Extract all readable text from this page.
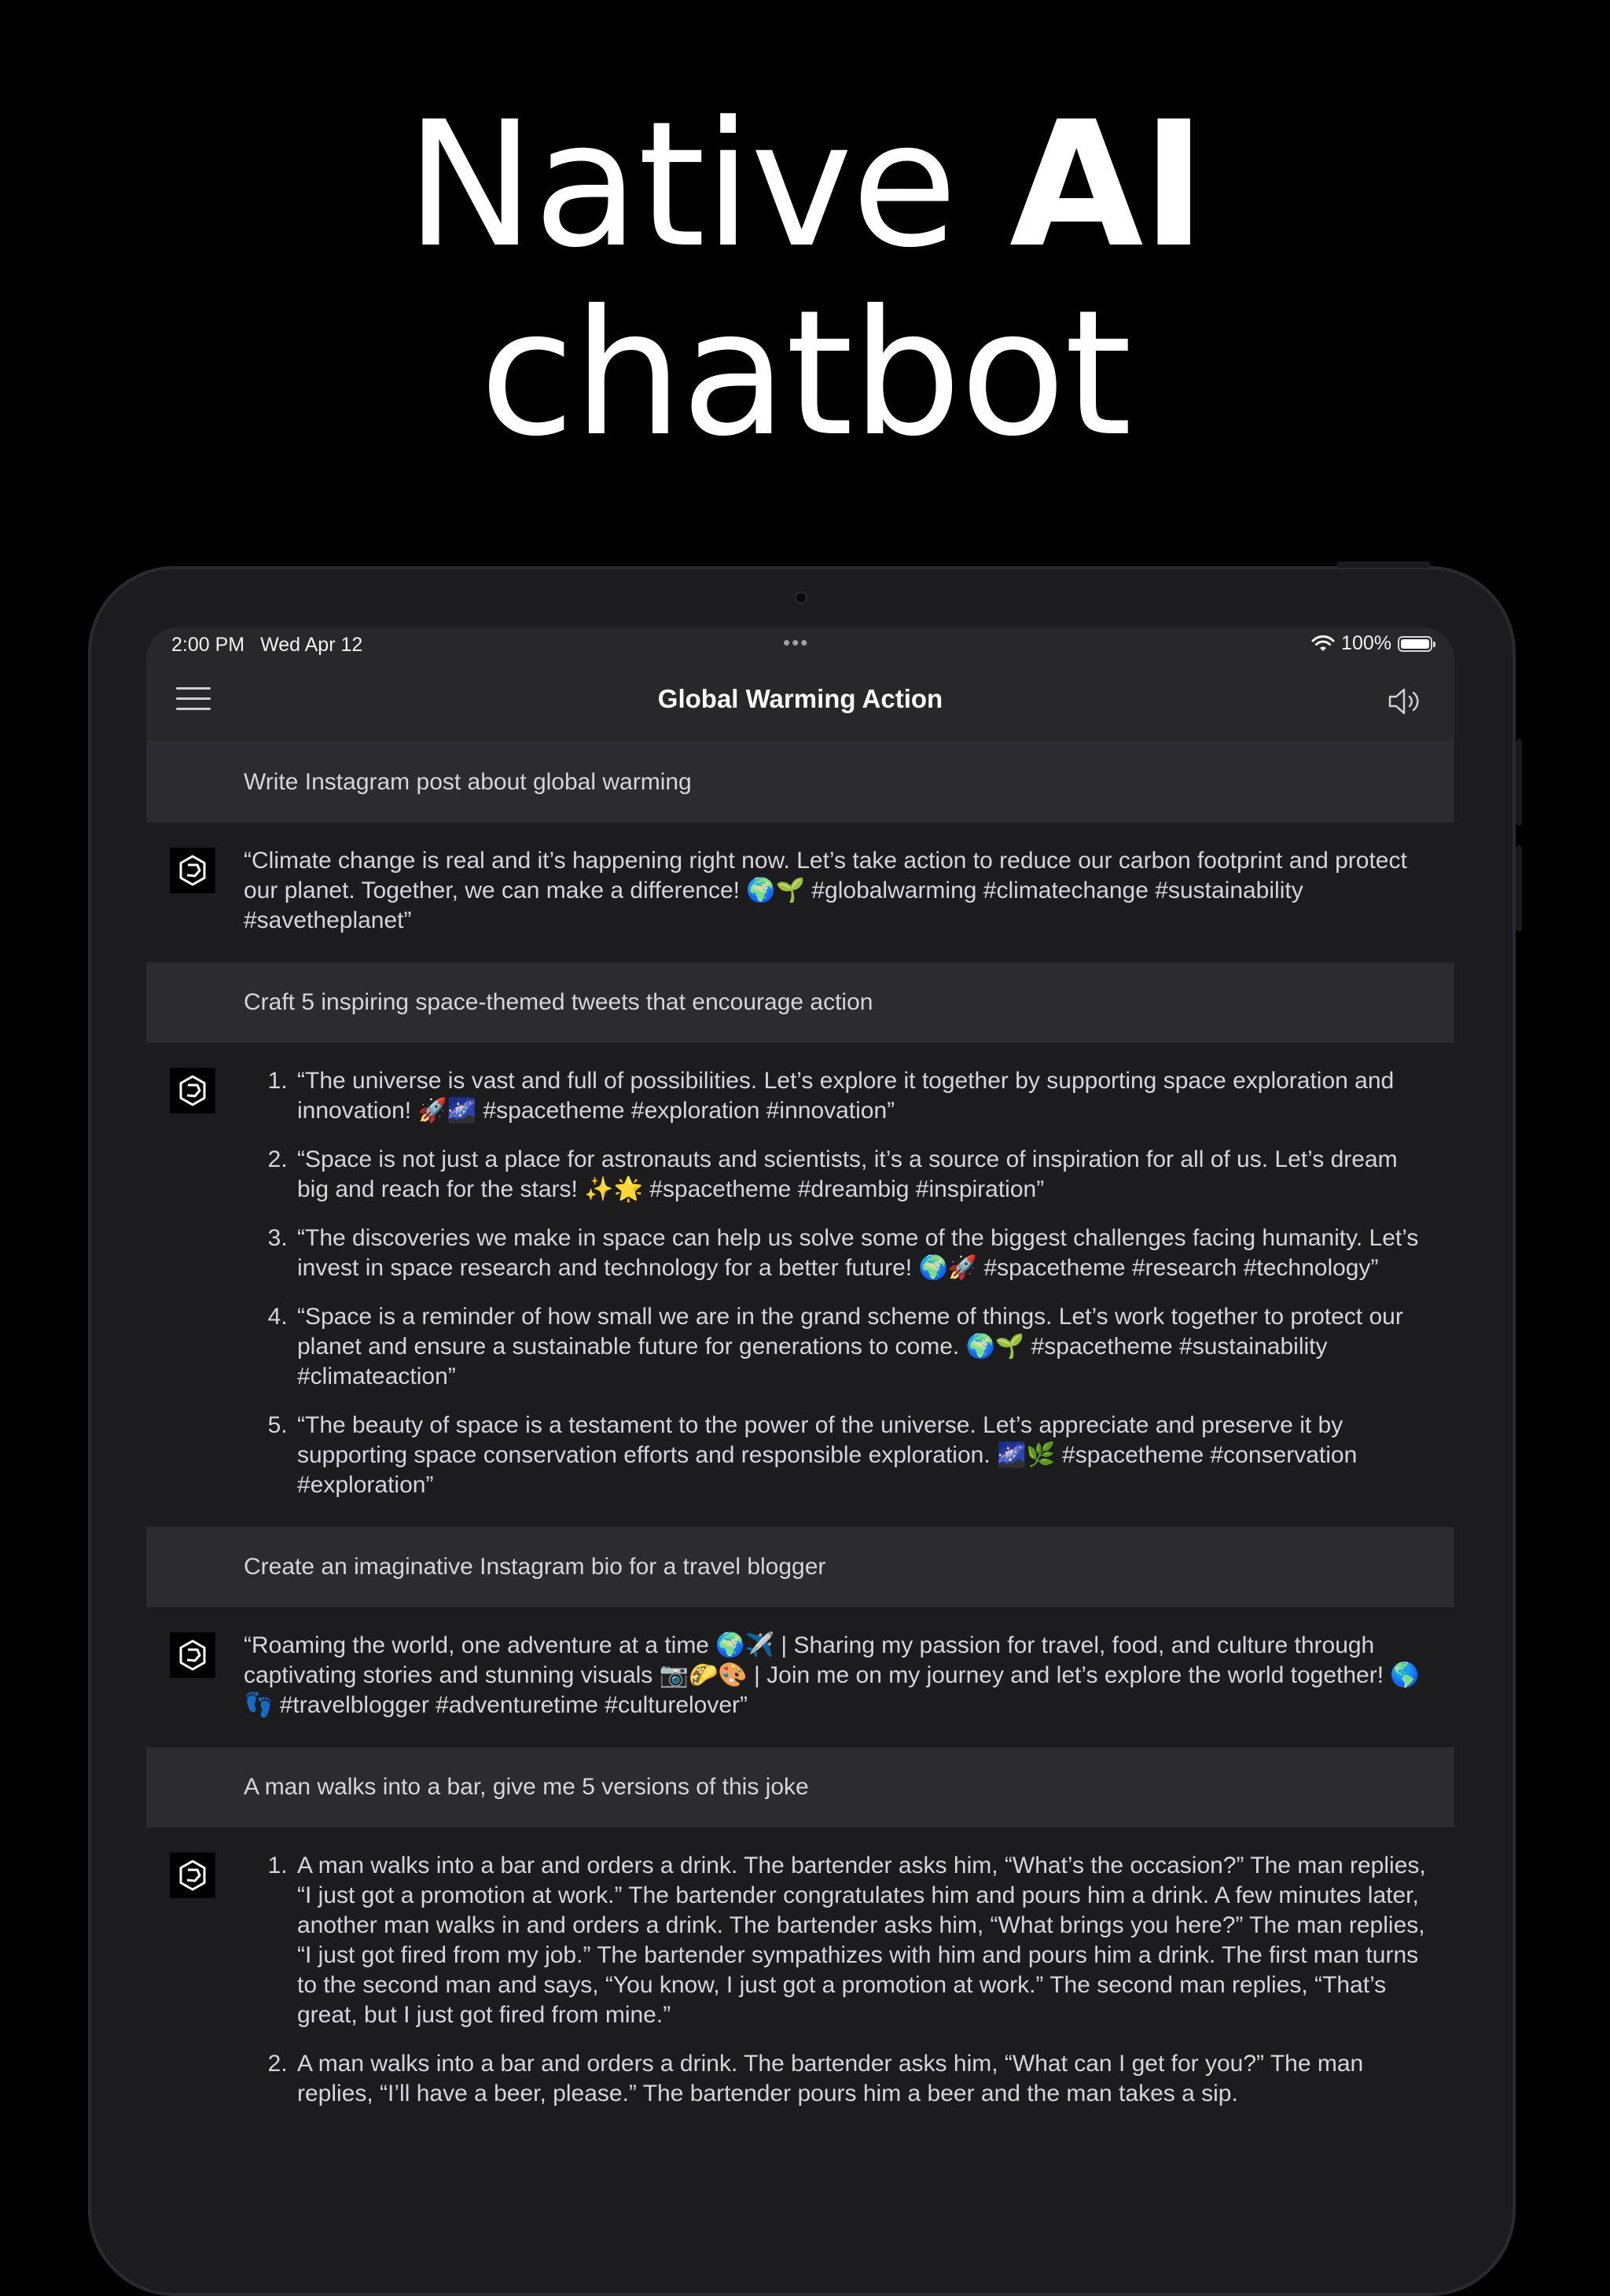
Native AI
chatbot
2:00 PM Wed Apr 12	•••	100%
Global Warming Action
Write Instagram post about global warming

“Climate change is real and it’s happening right now. Let’s take action to reduce our carbon footprint and protect our planet. Together, we can make a difference! 🌍🌱 #globalwarming #climatechange #sustainability #savetheplanet”

Craft 5 inspiring space-themed tweets that encourage action
1. “The universe is vast and full of possibilities. Let’s explore it together by supporting space exploration and innovation! 🚀🌌 #spacetheme #exploration #innovation”
2. “Space is not just a place for astronauts and scientists, it’s a source of inspiration for all of us. Let’s dream big and reach for the stars! ✨🌟 #spacetheme #dreambig #inspiration”
3. “The discoveries we make in space can help us solve some of the biggest challenges facing humanity. Let’s invest in space research and technology for a better future! 🌍🚀 #spacetheme #research #technology”
4. “Space is a reminder of how small we are in the grand scheme of things. Let’s work together to protect our planet and ensure a sustainable future for generations to come. 🌍🌱 #spacetheme #sustainability #climateaction”
5. “The beauty of space is a testament to the power of the universe. Let’s appreciate and preserve it by supporting space conservation efforts and responsible exploration. 🌌🌿 #spacetheme #conservation #exploration”
Create an imaginative Instagram bio for a travel blogger

“Roaming the world, one adventure at a time 🌍✈️ | Sharing my passion for travel, food, and culture through captivating stories and stunning visuals 📷🌮🎨 | Join me on my journey and let’s explore the world together! 🌎👣 #travelblogger #adventuretime #culturelover”

A man walks into a bar, give me 5 versions of this joke
1. A man walks into a bar and orders a drink. The bartender asks him, “What’s the occasion?” The man replies, “I just got a promotion at work.” The bartender congratulates him and pours him a drink. A few minutes later, another man walks in and orders a drink. The bartender asks him, “What brings you here?” The man replies, “I just got fired from my job.” The bartender sympathizes with him and pours him a drink. The first man turns to the second man and says, “You know, I just got a promotion at work.” The second man replies, “That’s great, but I just got fired from mine.”
2. A man walks into a bar and orders a drink. The bartender asks him, “What can I get for you?” The man replies, “I’ll have a beer, please.” The bartender pours him a beer and the man takes a sip.
